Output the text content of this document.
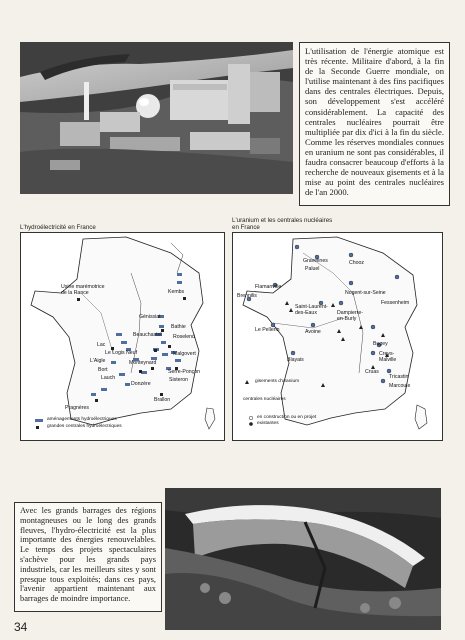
L'utilisation de l'énergie atomique est très récente. Militaire d'abord, à la fin de la Seconde Guerre mondiale, on l'utilise maintenant à des fins pacifiques dans des centrales électriques. Depuis, son développement s'est accéléré considérablement. La capacité des centrales nucléaires pourrait être multipliée par dix d'ici à la fin du siècle. Comme les réserves mondiales connues en uranium ne sont pas considérables, il faudra consacrer beaucoup d'efforts à la recherche de nouveaux gisements et à la mise au point des centrales nucléaires de l'an 2000.
L'hydroélectricité en France
Usine marémotrice
de la Rance	Kembs
Génissiat
Bathie
Beauchastel Roselend
Lac
Malgovert
Le Logis Neuf
L'Aigle	Monteynard
Bort	Serre-Ponçon
Sisteron
Lauch
Donzère
Pragnères
Brallon
aménagements hydroélectriques
grandes centrales hydroélectriques
L'uranium et les centrales nucléaires
en France
Gravelines
Paluel
Chooz
Flamanville
Nogent-sur-Seine
Fessenheim
Brennilis
Saint-Laurent-
des-Eaux	Dampierre-
en-Burly
Le Pellerin	Avoine
Bugey
Creys-
Malville
Blayais
Cruas
Tricastin
Marcoule
gisements d'uranium
centrales nucléaires
en construction ou en projet
existantes
Avec les grands barrages des régions montagneuses ou le long des grands fleuves, l'hydro-électricité est la plus importante des énergies renouvelables. Le temps des projets spectaculaires s'achève pour les grands pays industriels, car les meilleurs sites y sont presque tous exploités; dans ces pays, l'avenir appartient maintenant aux barrages de moindre importance.
34
